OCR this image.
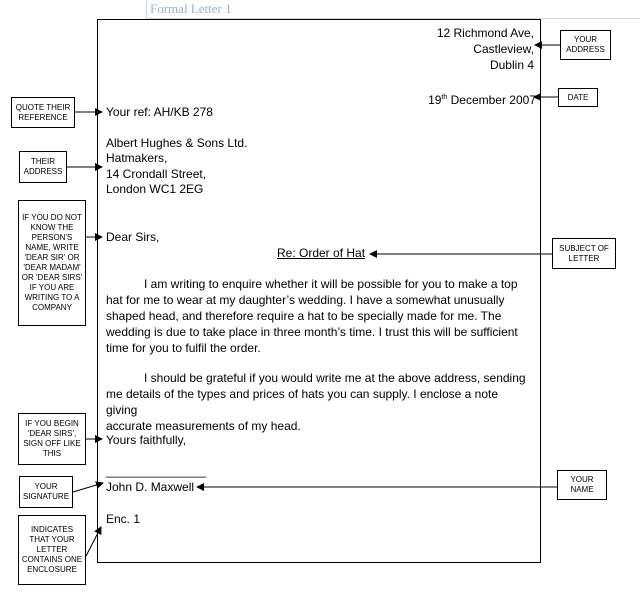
Formal Letter 1
12 Richmond Ave,
Castleview,
Dublin 4
19th December 2007
Your ref: AH/KB 278
Albert Hughes & Sons Ltd.
Hatmakers,
14 Crondall Street,
London WC1 2EG
Dear Sirs,
Re: Order of Hat
I am writing to enquire whether it will be possible for you to make a top
hat for me to wear at my daughter’s wedding. I have a somewhat unusually
shaped head, and therefore require a hat to be specially made for me. The
wedding is due to take place in three month’s time. I trust this will be sufficient
time for you to fulfil the order.
I should be grateful if you would write me at the above address, sending
me details of the types and prices of hats you can supply. I enclose a note giving
accurate measurements of my head.
Yours faithfully,
_______________
John D. Maxwell
Enc. 1
YOUR ADDRESS
DATE
QUOTE THEIR REFERENCE
THEIR ADDRESS
IF YOU DO NOT KNOW THE PERSON'S NAME, WRITE 'DEAR SIR' OR 'DEAR MADAM' OR 'DEAR SIRS' IF YOU ARE WRITING TO A COMPANY
SUBJECT OF LETTER
IF YOU BEGIN 'DEAR SIRS', SIGN OFF LIKE THIS
YOUR NAME
YOUR SIGNATURE
INDICATES THAT YOUR LETTER CONTAINS ONE ENCLOSURE
